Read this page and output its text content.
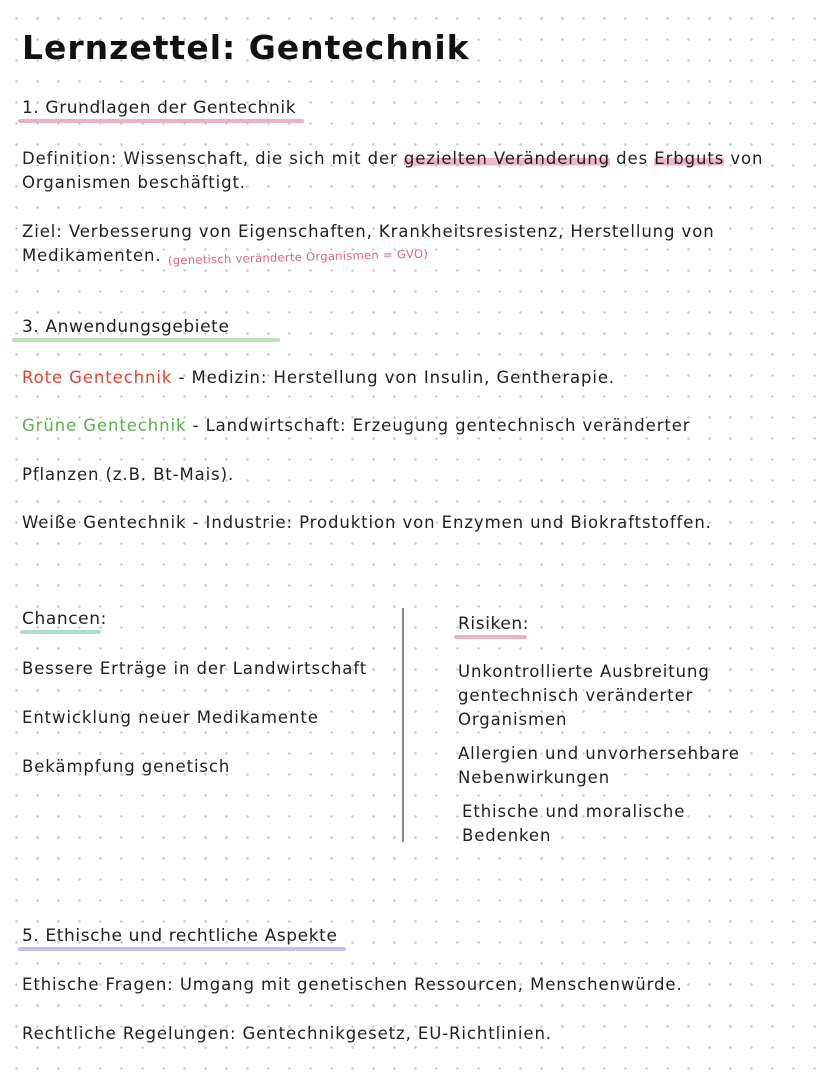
Lernzettel: Gentechnik
1. Grundlagen der Gentechnik
Definition: Wissenschaft, die sich mit der gezielten Veränderung des Erbguts von
Organismen beschäftigt.
Ziel: Verbesserung von Eigenschaften, Krankheitsresistenz, Herstellung von
Medikamenten. (genetisch veränderte Organismen = GVO)
3. Anwendungsgebiete
Rote Gentechnik - Medizin: Herstellung von Insulin, Gentherapie.
Grüne Gentechnik - Landwirtschaft: Erzeugung gentechnisch veränderter
Pflanzen (z.B. Bt-Mais).
Weiße Gentechnik - Industrie: Produktion von Enzymen und Biokraftstoffen.
Chancen:
Bessere Erträge in der Landwirtschaft
Entwicklung neuer Medikamente
Bekämpfung genetisch
Risiken:
Unkontrollierte Ausbreitung
gentechnisch veränderter
Organismen
Allergien und unvorhersehbare
Nebenwirkungen
Ethische und moralische
Bedenken
5. Ethische und rechtliche Aspekte
Ethische Fragen: Umgang mit genetischen Ressourcen, Menschenwürde.
Rechtliche Regelungen: Gentechnikgesetz, EU-Richtlinien.
